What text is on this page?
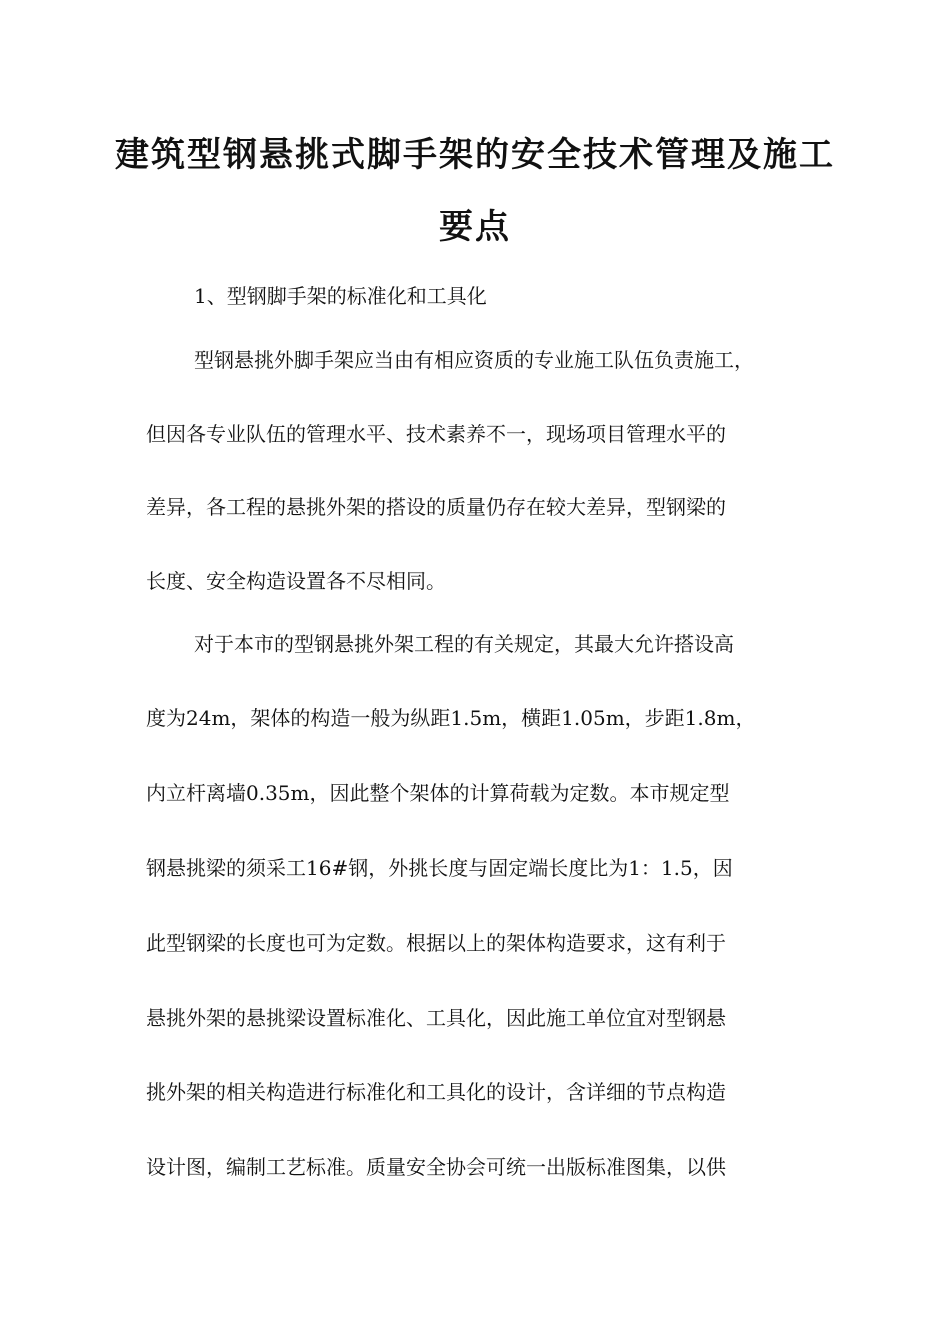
建筑型钢悬挑式脚手架的安全技术管理及施工
要点

1、型钢脚手架的标准化和工具化

型钢悬挑外脚手架应当由有相应资质的专业施工队伍负责施工，

但因各专业队伍的管理水平、技术素养不一，现场项目管理水平的

差异，各工程的悬挑外架的搭设的质量仍存在较大差异，型钢梁的

长度、安全构造设置各不尽相同。

对于本市的型钢悬挑外架工程的有关规定，其最大允许搭设高

度为24m，架体的构造一般为纵距1.5m，横距1.05m，步距1.8m，

内立杆离墙0.35m，因此整个架体的计算荷载为定数。本市规定型

钢悬挑梁的须采工16#钢，外挑长度与固定端长度比为1：1.5，因

此型钢梁的长度也可为定数。根据以上的架体构造要求，这有利于

悬挑外架的悬挑梁设置标准化、工具化，因此施工单位宜对型钢悬

挑外架的相关构造进行标准化和工具化的设计，含详细的节点构造

设计图，编制工艺标准。质量安全协会可统一出版标准图集，以供
